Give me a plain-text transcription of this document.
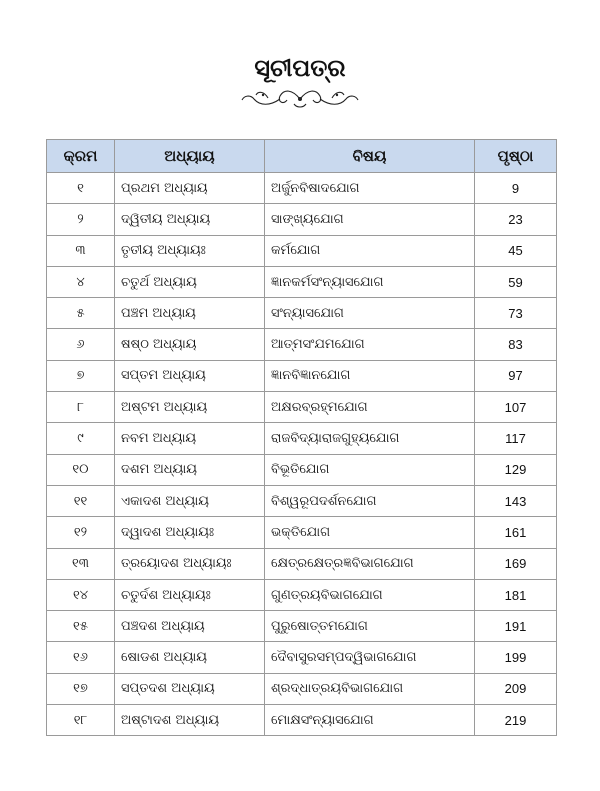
ସୂଚୀପତ୍ର
କ୍ରମ	ଅଧ୍ୟାୟ	ବିଷୟ	ପୃଷ୍ଠା
୧	ପ୍ରଥମ ଅଧ୍ୟାୟ	ଅର୍ଜୁନବିଷାଦଯୋଗ	9
୨	ଦ୍ୱିତୀୟ ଅଧ୍ୟାୟ	ସାଙ୍ଖ୍ୟଯୋଗ	23
୩	ତୃତୀୟ ଅଧ୍ୟାୟଃ	କର୍ମଯୋଗ	45
୪	ଚତୁର୍ଥ ଅଧ୍ୟାୟ	ଜ୍ଞାନକର୍ମସଂନ୍ୟାସଯୋଗ	59
୫	ପଞ୍ଚମ ଅଧ୍ୟାୟ	ସଂନ୍ୟାସଯୋଗ	73
୬	ଷଷ୍ଠ ଅଧ୍ୟାୟ	ଆତ୍ମସଂଯମଯୋଗ	83
୭	ସପ୍ତମ ଅଧ୍ୟାୟ	ଜ୍ଞାନବିଜ୍ଞାନଯୋଗ	97
୮	ଅଷ୍ଟମ ଅଧ୍ୟାୟ	ଅକ୍ଷରବ୍ରହ୍ମଯୋଗ	107
୯	ନବମ ଅଧ୍ୟାୟ	ରାଜବିଦ୍ୟାରାଜଗୁହ୍ୟଯୋଗ	117
୧୦	ଦଶମ ଅଧ୍ୟାୟ	ବିଭୂତିଯୋଗ	129
୧୧	ଏକାଦଶ ଅଧ୍ୟାୟ	ବିଶ୍ୱରୂପଦର୍ଶନଯୋଗ	143
୧୨	ଦ୍ୱାଦଶ ଅଧ୍ୟାୟଃ	ଭକ୍ତିଯୋଗ	161
୧୩	ତ୍ରୟୋଦଶ ଅଧ୍ୟାୟଃ	କ୍ଷେତ୍ରକ୍ଷେତ୍ରଜ୍ଞବିଭାଗଯୋଗ	169
୧୪	ଚତୁର୍ଦଶ ଅଧ୍ୟାୟଃ	ଗୁଣତ୍ରୟବିଭାଗଯୋଗ	181
୧୫	ପଞ୍ଚଦଶ ଅଧ୍ୟାୟ	ପୁରୁଷୋତ୍ତମଯୋଗ	191
୧୬	ଷୋଡଶ ଅଧ୍ୟାୟ	ଦୈବାସୁରସମ୍ପଦ୍ୱିଭାଗଯୋଗ	199
୧୭	ସପ୍ତଦଶ ଅଧ୍ୟାୟ	ଶ୍ରଦ୍ଧାତ୍ରୟବିଭାଗଯୋଗ	209
୧୮	ଅଷ୍ଟାଦଶ ଅଧ୍ୟାୟ	ମୋକ୍ଷସଂନ୍ୟାସଯୋଗ	219
